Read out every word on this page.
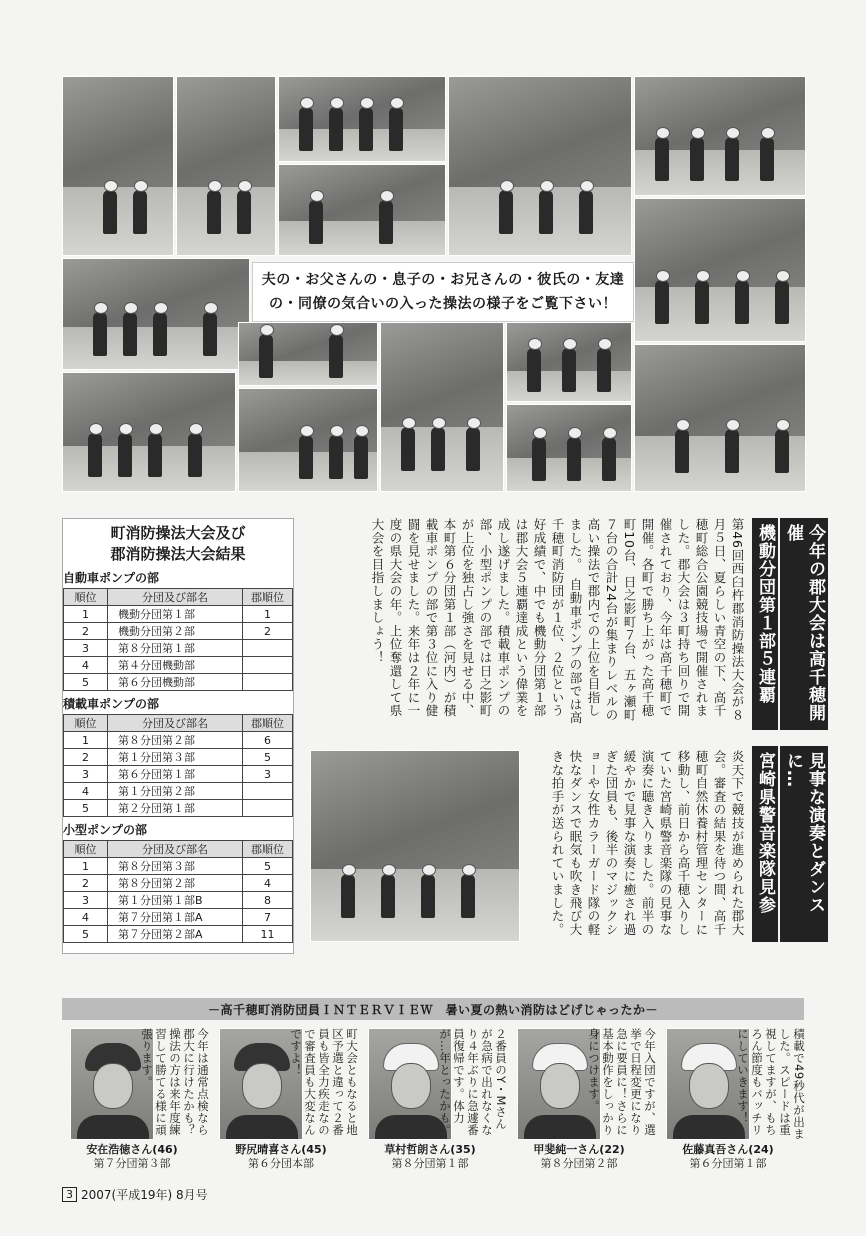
夫の・お父さんの・息子の・お兄さんの・彼氏の・友達
の・同僚の気合いの入った操法の様子をご覧下さい！
町消防操法大会及び
郡消防操法大会結果
自動車ポンプの部
順位	分団及び部名	郡順位
1	機動分団第１部	1
2	機動分団第２部	2
3	第８分団第１部	
4	第４分団機動部	
5	第６分団機動部	
積載車ポンプの部
順位	分団及び部名	郡順位
1	第８分団第２部	6
2	第１分団第３部	5
3	第６分団第１部	3
4	第１分団第２部	
5	第２分団第１部	
小型ポンプの部
順位	分団及び部名	郡順位
1	第８分団第３部	5
2	第８分団第２部	4
3	第１分団第１部B	8
4	第７分団第１部A	7
5	第７分団第２部A	11
今年の郡大会は高千穂開催
機動分団第１部５連覇
第46回西臼杵郡消防操法大会が８月５日、夏らしい青空の下、高千穂町総合公園競技場で開催されました。郡大会は３町持ち回りで開催されており、今年は高千穂町で開催。各町で勝ち上がった高千穂町10台、日之影町７台、五ヶ瀬町７台の合計24台が集まりレベルの高い操法で郡内での上位を目指しました。　自動車ポンプの部では高千穂町消防団が１位、２位という好成績で、中でも機動分団第１部は郡大会５連覇達成という偉業を成し遂げました。積載車ポンプの部、小型ポンプの部では日之影町が上位を独占し強さを見せる中、本町第６分団第１部（河内）が積載車ポンプの部で第３位に入り健闘を見せました。来年は２年に一度の県大会の年。上位奪還して県大会を目指しましょう！
見事な演奏とダンスに…
宮崎県警音楽隊見参
炎天下で競技が進められた郡大会。審査の結果を待つ間、高千穂町自然休養村管理センターに移動し、前日から高千穂入りしていた宮崎県警音楽隊の見事な演奏に聴き入りました。前半の緩やかで見事な演奏に癒され過ぎた団員も、後半のマジックショーや女性カラーガード隊の軽快なダンスで眠気も吹き飛び大きな拍手が送られていました。
－高千穂町消防団員ＩＮＴＥＲＶＩＥＷ　暑い夏の熱い消防はどげじゃったか－
今年は通常点検なら郡大に行けたかも？操法の方は来年度練習して勝てる様に頑張ります。
安在浩徳さん(46)
第７分団第３部
町大会ともなると地区予選と違って２番員も皆全力疾走なので審査員も大変なんですよ！
野尻晴喜さん(45)
第６分団本部
２番員のY・Mさんが急病で出れなくなり４年ぶりに急遽番員復帰です。体力が…年とったかも。
草村哲朗さん(35)
第８分団第１部
今年入団ですが、選挙で日程変更になり急に要員に！さらに基本動作をしっかり身につけます。
甲斐純一さん(22)
第８分団第２部
積載で49秒代が出ました。スピードは重視してますが、もちろん節度もバッチリにしていきます！
佐藤真吾さん(24)
第６分団第１部
3 2007(平成19年) 8月号
